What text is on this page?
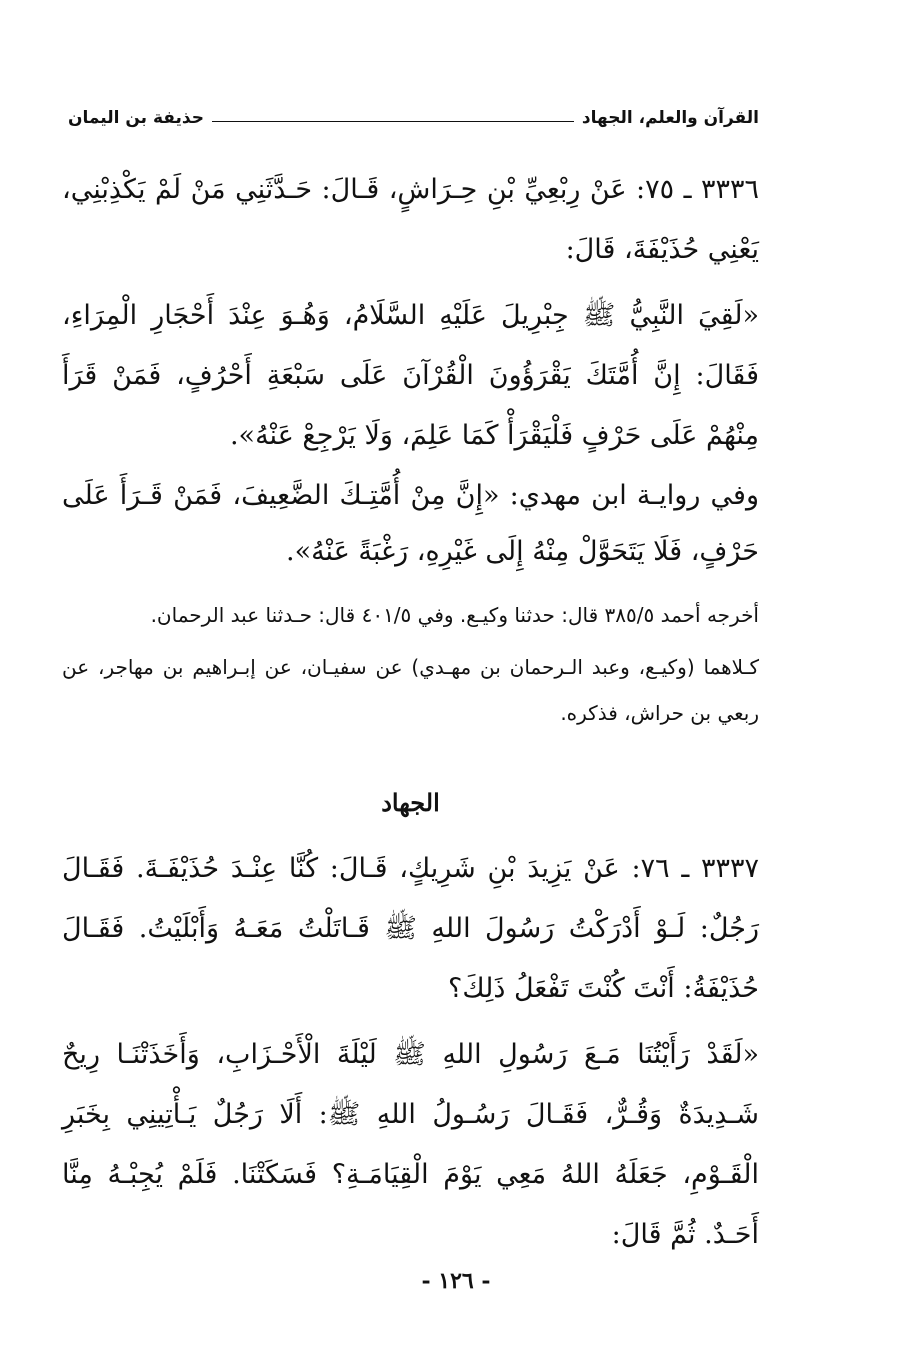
القرآن والعلم، الجهاد
حذيفة بن اليمان

٣٣٣٦ ـ ٧٥: عَنْ رِبْعِيِّ بْنِ حِـرَاشٍ، قَـالَ: حَـدَّثَنِي مَنْ لَمْ يَكْذِبْنِي، يَعْنِي حُذَيْفَةَ، قَالَ:

«لَقِيَ النَّبِيُّ ﷺ جِبْرِيلَ عَلَيْهِ السَّلَامُ، وَهُـوَ عِنْدَ أَحْجَارِ الْمِرَاءِ، فَقَالَ: إِنَّ أُمَّتَكَ يَقْرَؤُونَ الْقُرْآنَ عَلَى سَبْعَةِ أَحْرُفٍ، فَمَنْ قَرَأَ مِنْهُمْ عَلَى حَرْفٍ فَلْيَقْرَأْ كَمَا عَلِمَ، وَلَا يَرْجِعْ عَنْهُ».

وفي روايـة ابن مهدي: «إِنَّ مِنْ أُمَّتِـكَ الضَّعِيفَ، فَمَنْ قَـرَأَ عَلَى حَرْفٍ، فَلَا يَتَحَوَّلْ مِنْهُ إِلَى غَيْرِهِ، رَغْبَةً عَنْهُ».

أخرجه أحمد ٣٨٥/٥ قال: حدثنا وكيـع. وفي ٤٠١/٥ قال: حـدثنا عبد الرحمان.

كـلاهما (وكيـع، وعبد الـرحمان بن مهـدي) عن سفيـان، عن إبـراهيم بن مهاجر، عن ربعي بن حراش، فذكره.

الجهاد

٣٣٣٧ ـ ٧٦: عَنْ يَزِيدَ بْنِ شَرِيكٍ، قَـالَ: كُنَّا عِنْـدَ حُذَيْفَـةَ. فَقَـالَ رَجُلٌ: لَـوْ أَدْرَكْتُ رَسُولَ اللهِ ﷺ قَـاتَلْتُ مَعَـهُ وَأَبْلَيْتُ. فَقَـالَ حُذَيْفَةُ: أَنْتَ كُنْتَ تَفْعَلُ ذَلِكَ؟

«لَقَدْ رَأَيْتُنَا مَـعَ رَسُولِ اللهِ ﷺ لَيْلَةَ الْأَحْـزَابِ، وَأَخَذَتْنَـا رِيحٌ شَـدِيدَةٌ وَقُـرٌّ، فَقَـالَ رَسُـولُ اللهِ ﷺ: أَلَا رَجُلٌ يَـأْتِينِي بِخَبَرِ الْقَـوْمِ، جَعَلَهُ اللهُ مَعِي يَوْمَ الْقِيَامَـةِ؟ فَسَكَتْنَا. فَلَمْ يُجِبْـهُ مِنَّا أَحَـدٌ. ثُمَّ قَالَ:

- ١٢٦ -
